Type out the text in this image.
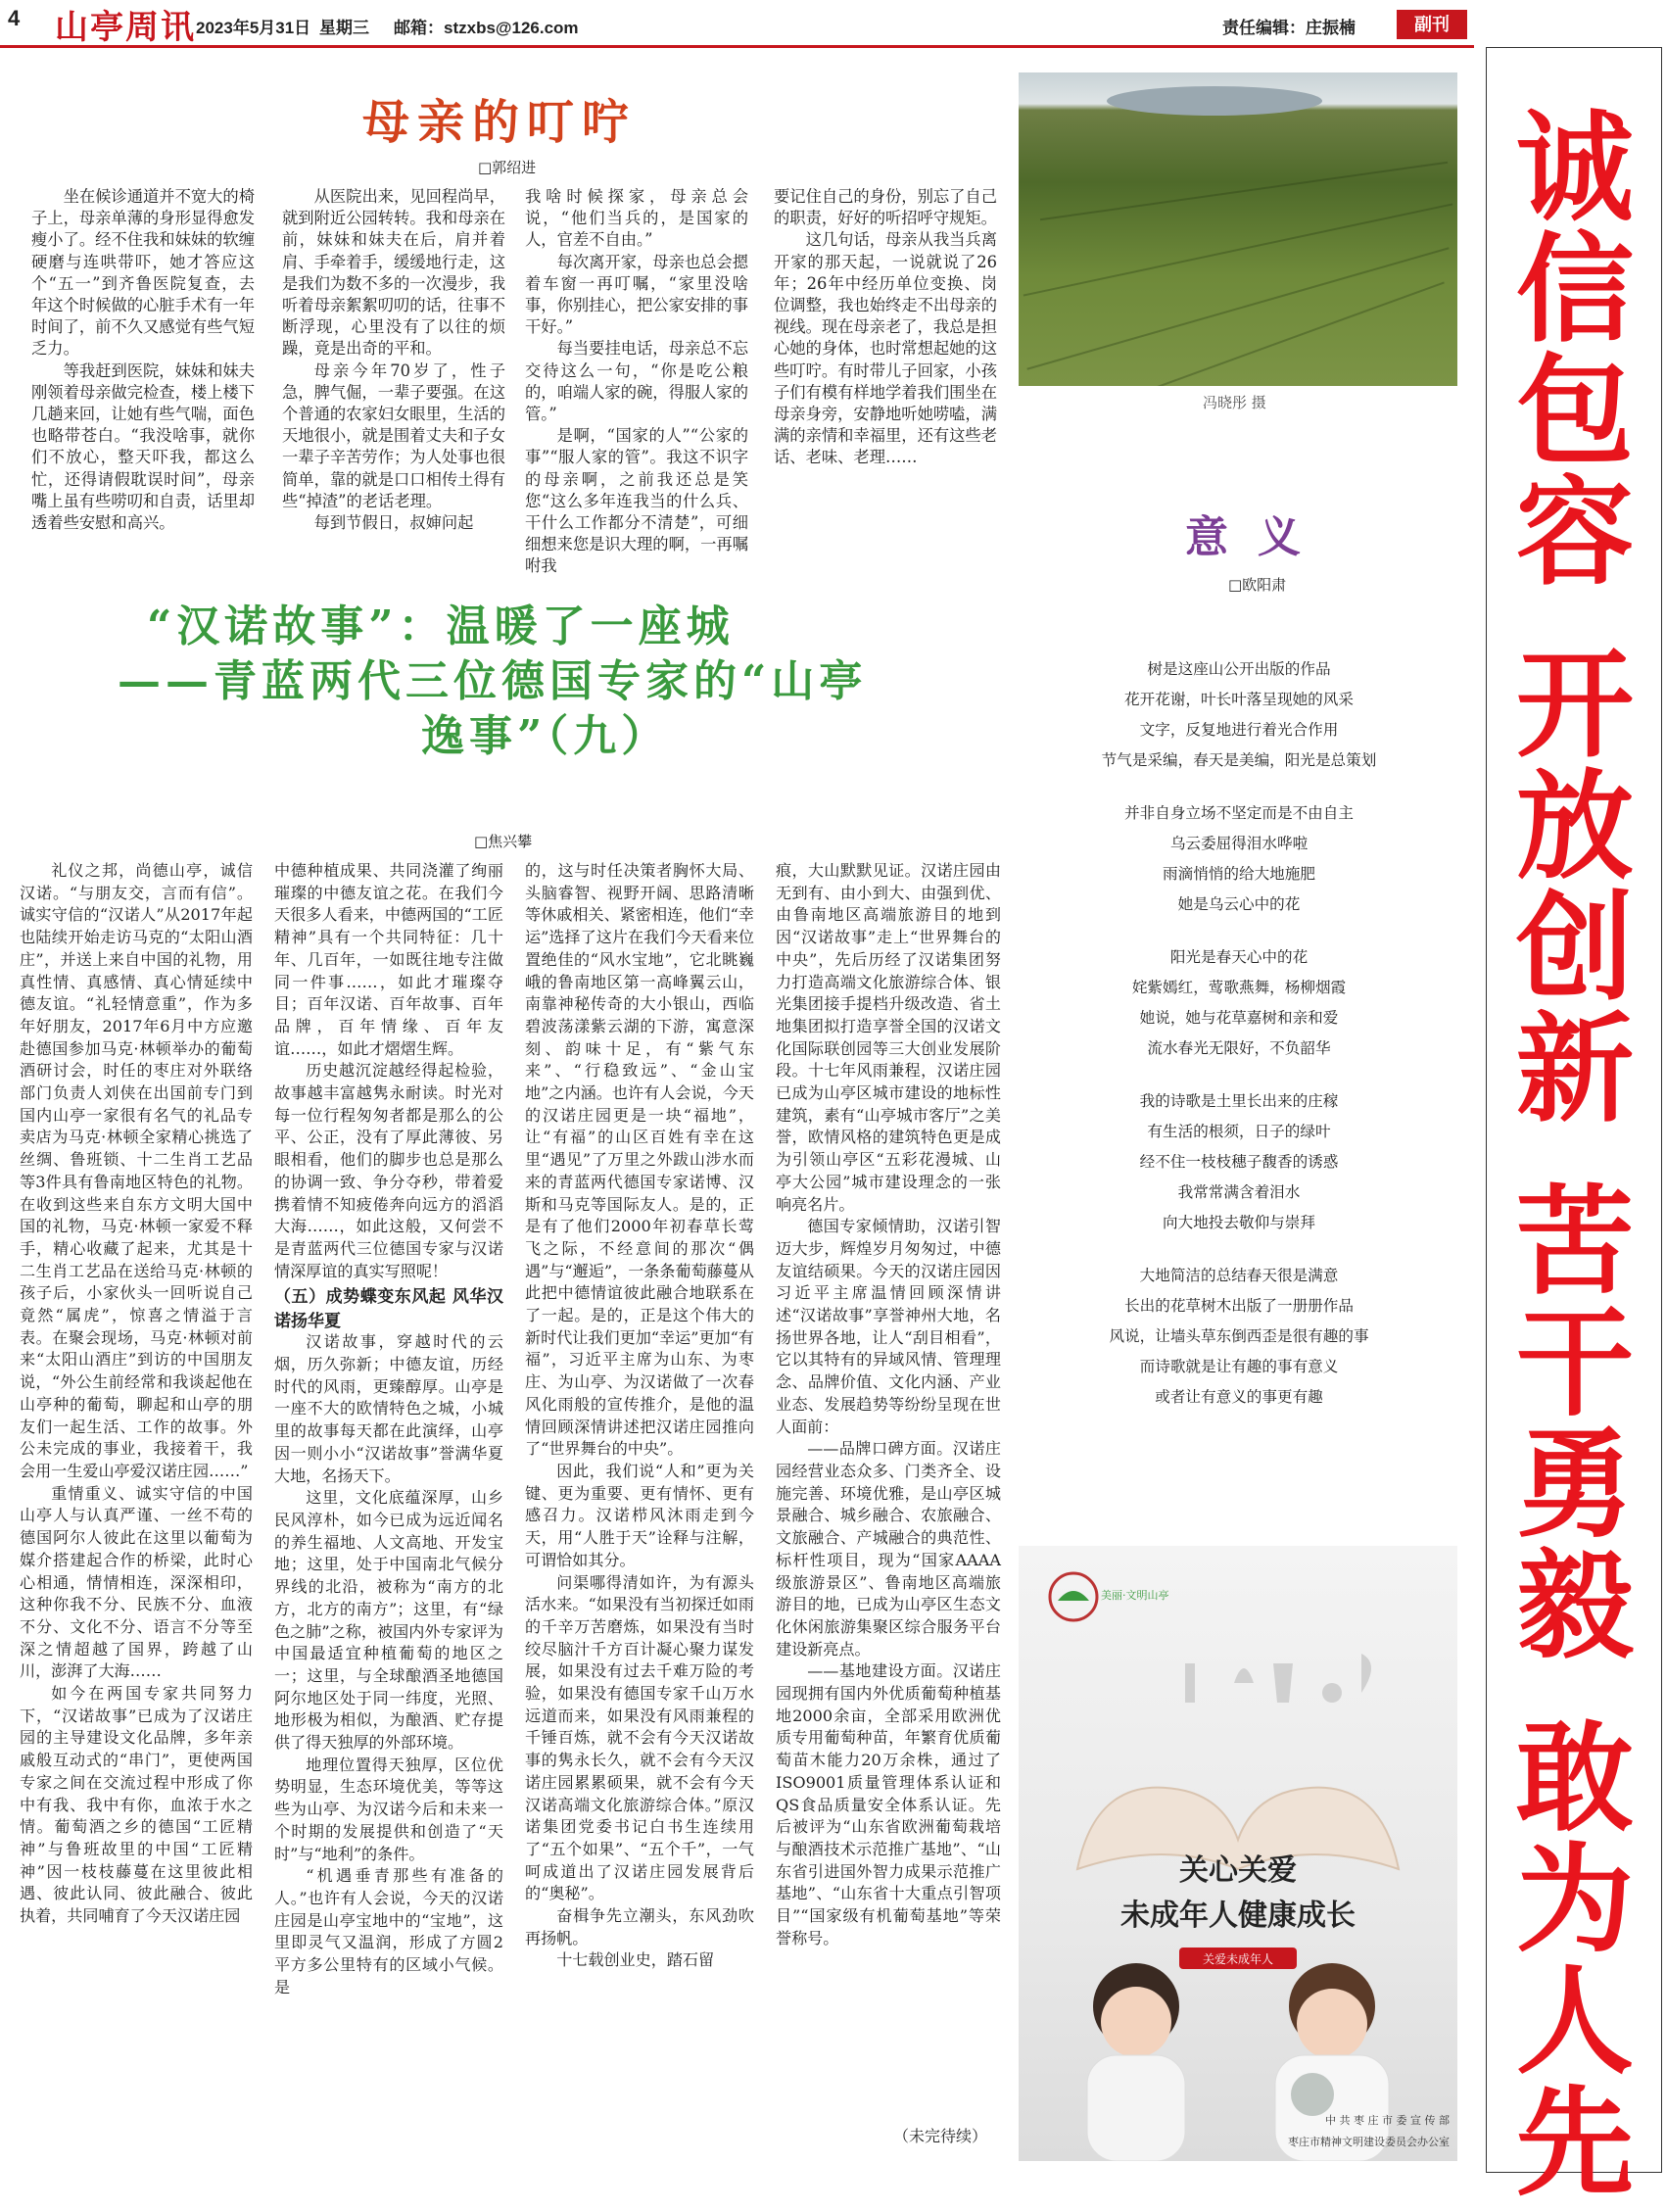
4 山亭周讯 2023年5月31日 星期三 邮箱：stzxbs@126.com	责任编辑：庄振楠	副刊
诚
信
包
容
开
放
创
新
苦
干
勇
毅
敢
为
人
先
母亲的叮咛
□郭绍进

坐在候诊通道并不宽大的椅子上，母亲单薄的身形显得愈发瘦小了。经不住我和妹妹的软缠硬磨与连哄带吓，她才答应这个“五一”到齐鲁医院复查，去年这个时候做的心脏手术有一年时间了，前不久又感觉有些气短乏力。

等我赶到医院，妹妹和妹夫刚领着母亲做完检查，楼上楼下几趟来回，让她有些气喘，面色也略带苍白。“我没啥事，就你们不放心，整天吓我，都这么忙，还得请假耽误时间”，母亲嘴上虽有些唠叨和自责，话里却透着些安慰和高兴。

从医院出来，见回程尚早，就到附近公园转转。我和母亲在前，妹妹和妹夫在后，肩并着肩、手牵着手，缓缓地行走，这是我们为数不多的一次漫步，我听着母亲絮絮叨叨的话，往事不断浮现，心里没有了以往的烦躁，竟是出奇的平和。

母亲今年70岁了，性子急，脾气倔，一辈子要强。在这个普通的农家妇女眼里，生活的天地很小，就是围着丈夫和子女一辈子辛苦劳作；为人处事也很简单，靠的就是口口相传土得有些“掉渣”的老话老理。

每到节假日，叔婶问起

我啥时候探家，母亲总会说，“他们当兵的，是国家的人，官差不自由。”

每次离开家，母亲也总会摁着车窗一再叮嘱，“家里没啥事，你别挂心，把公家安排的事干好。”

每当要挂电话，母亲总不忘交待这么一句，“你是吃公粮的，咱端人家的碗，得服人家的管。”

是啊，“国家的人”“公家的事”“服人家的管”。我这不识字的母亲啊，之前我还总是笑您“这么多年连我当的什么兵、干什么工作都分不清楚”，可细细想来您是识大理的啊，一再嘱咐我

要记住自己的身份，别忘了自己的职责，好好的听招呼守规矩。

这几句话，母亲从我当兵离开家的那天起，一说就说了26年；26年中经历单位变换、岗位调整，我也始终走不出母亲的视线。现在母亲老了，我总是担心她的身体，也时常想起她的这些叮咛。有时带儿子回家，小孩子们有模有样地学着我们围坐在母亲身旁，安静地听她唠嗑，满满的亲情和幸福里，还有这些老话、老味、老理……

冯晓彤 摄
意义
□欧阳肃

树是这座山公开出版的作品

花开花谢，叶长叶落呈现她的风采

文字，反复地进行着光合作用

节气是采编，春天是美编，阳光是总策划

并非自身立场不坚定而是不由自主

乌云委屈得泪水哗啦

雨滴悄悄的给大地施肥

她是乌云心中的花

阳光是春天心中的花

姹紫嫣红，莺歌燕舞，杨柳烟霞

她说，她与花草嘉树和亲和爱

流水春光无限好，不负韶华

我的诗歌是土里长出来的庄稼

有生活的根须，日子的绿叶

经不住一枝枝穗子馥香的诱惑

我常常满含着泪水

向大地投去敬仰与崇拜

大地简洁的总结春天很是满意

长出的花草树木出版了一册册作品

风说，让墙头草东倒西歪是很有趣的事

而诗歌就是让有趣的事有意义

或者让有意义的事更有趣

“汉诺故事”：温暖了一座城
——青蓝两代三位德国专家的“山亭
逸事”（九）
□焦兴攀

礼仪之邦，尚德山亭，诚信汉诺。“与朋友交，言而有信”。诚实守信的“汉诺人”从2017年起也陆续开始走访马克的“太阳山酒庄”，并送上来自中国的礼物，用真性情、真感情、真心情延续中德友谊。“礼轻情意重”，作为多年好朋友，2017年6月中方应邀赴德国参加马克·林顿举办的葡萄酒研讨会，时任的枣庄对外联络部门负责人刘侠在出国前专门到国内山亭一家很有名气的礼品专卖店为马克·林顿全家精心挑选了丝绸、鲁班锁、十二生肖工艺品等3件具有鲁南地区特色的礼物。在收到这些来自东方文明大国中国的礼物，马克·林顿一家爱不释手，精心收藏了起来，尤其是十二生肖工艺品在送给马克·林顿的孩子后，小家伙头一回听说自己竟然“属虎”，惊喜之情溢于言表。在聚会现场，马克·林顿对前来“太阳山酒庄”到访的中国朋友说，“外公生前经常和我谈起他在山亭种的葡萄，聊起和山亭的朋友们一起生活、工作的故事。外公未完成的事业，我接着干，我会用一生爱山亭爱汉诺庄园……”

重情重义、诚实守信的中国山亭人与认真严谨、一丝不苟的德国阿尔人彼此在这里以葡萄为媒介搭建起合作的桥梁，此时心心相通，情情相连，深深相印，这种你我不分、民族不分、血液不分、文化不分、语言不分等至深之情超越了国界，跨越了山川，澎湃了大海……

如今在两国专家共同努力下，“汉诺故事”已成为了汉诺庄园的主导建设文化品牌，多年亲戚般互动式的“串门”，更使两国专家之间在交流过程中形成了你中有我、我中有你，血浓于水之情。葡萄酒之乡的德国“工匠精神”与鲁班故里的中国“工匠精神”因一枝枝藤蔓在这里彼此相遇、彼此认同、彼此融合、彼此执着，共同哺育了今天汉诺庄园

中德种植成果、共同浇灌了绚丽璀璨的中德友谊之花。在我们今天很多人看来，中德两国的“工匠精神”具有一个共同特征：几十年、几百年，一如既往地专注做同一件事……，如此才璀璨夺目；百年汉诺、百年故事、百年品牌，百年情缘、百年友谊……，如此才熠熠生辉。

历史越沉淀越经得起检验，故事越丰富越隽永耐读。时光对每一位行程匆匆者都是那么的公平、公正，没有了厚此薄彼、另眼相看，他们的脚步也总是那么的协调一致、争分夺秒，带着爱携着情不知疲倦奔向远方的滔滔大海……，如此这般，又何尝不是青蓝两代三位德国专家与汉诺情深厚谊的真实写照呢！

（五）成势蝶变东风起 风华汉诺扬华夏

汉诺故事，穿越时代的云烟，历久弥新；中德友谊，历经时代的风雨，更臻醇厚。山亭是一座不大的欧情特色之城，小城里的故事每天都在此演绎，山亭因一则小小“汉诺故事”誉满华夏大地，名扬天下。

这里，文化底蕴深厚，山乡民风淳朴，如今已成为远近闻名的养生福地、人文高地、开发宝地；这里，处于中国南北气候分界线的北沿，被称为“南方的北方，北方的南方”；这里，有“绿色之肺”之称，被国内外专家评为中国最适宜种植葡萄的地区之一；这里，与全球酿酒圣地德国阿尔地区处于同一纬度，光照、地形极为相似，为酿酒、贮存提供了得天独厚的外部环境。

地理位置得天独厚，区位优势明显，生态环境优美，等等这些为山亭、为汉诺今后和未来一个时期的发展提供和创造了“天时”与“地利”的条件。

“机遇垂青那些有准备的人。”也许有人会说，今天的汉诺庄园是山亭宝地中的“宝地”，这里即灵气又温润，形成了方圆2平方多公里特有的区域小气候。是

的，这与时任决策者胸怀大局、头脑睿智、视野开阔、思路清晰等休戚相关、紧密相连，他们“幸运”选择了这片在我们今天看来位置绝佳的“风水宝地”，它北眺巍峨的鲁南地区第一高峰翼云山，南靠神秘传奇的大小银山，西临碧波荡漾紫云湖的下游，寓意深刻、韵味十足，有“紫气东来”、“行稳致远”、“金山宝地”之内涵。也许有人会说，今天的汉诺庄园更是一块“福地”，让“有福”的山区百姓有幸在这里“遇见”了万里之外跋山涉水而来的青蓝两代德国专家诺博、汉斯和马克等国际友人。是的，正是有了他们2000年初春草长莺飞之际，不经意间的那次“偶遇”与“邂逅”，一条条葡萄藤蔓从此把中德情谊彼此融合地联系在了一起。是的，正是这个伟大的新时代让我们更加“幸运”更加“有福”，习近平主席为山东、为枣庄、为山亭、为汉诺做了一次春风化雨般的宣传推介，是他的温情回顾深情讲述把汉诺庄园推向了“世界舞台的中央”。

因此，我们说“人和”更为关键、更为重要、更有情怀、更有感召力。汉诺栉风沐雨走到今天，用“人胜于天”诠释与注解，可谓恰如其分。

问渠哪得清如许，为有源头活水来。“如果没有当初探迁如雨的千辛万苦磨炼，如果没有当时绞尽脑汁千方百计凝心聚力谋发展，如果没有过去千难万险的考验，如果没有德国专家千山万水远道而来，如果没有风雨兼程的千锤百炼，就不会有今天汉诺故事的隽永长久，就不会有今天汉诺庄园累累硕果，就不会有今天汉诺高端文化旅游综合体。”原汉诺集团党委书记白书生连续用了“五个如果”、“五个千”，一气呵成道出了汉诺庄园发展背后的“奥秘”。

奋楫争先立潮头，东风劲吹再扬帆。

十七载创业史，踏石留

痕，大山默默见证。汉诺庄园由无到有、由小到大、由强到优、由鲁南地区高端旅游目的地到因“汉诺故事”走上“世界舞台的中央”，先后历经了汉诺集团努力打造高端文化旅游综合体、银光集团接手提档升级改造、省土地集团拟打造享誉全国的汉诺文化国际联创园等三大创业发展阶段。十七年风雨兼程，汉诺庄园已成为山亭区城市建设的地标性建筑，素有“山亭城市客厅”之美誉，欧情风格的建筑特色更是成为引领山亭区“五彩花漫城、山亭大公园”城市建设理念的一张响亮名片。

德国专家倾情助，汉诺引智迈大步，辉煌岁月匆匆过，中德友谊结硕果。今天的汉诺庄园因习近平主席温情回顾深情讲述“汉诺故事”享誉神州大地，名扬世界各地，让人“刮目相看”，它以其特有的异域风情、管理理念、品牌价值、文化内涵、产业业态、发展趋势等纷纷呈现在世人面前：

——品牌口碑方面。汉诺庄园经营业态众多、门类齐全、设施完善、环境优雅，是山亭区城景融合、城乡融合、农旅融合、文旅融合、产城融合的典范性、标杆性项目，现为“国家AAAA级旅游景区”、鲁南地区高端旅游目的地，已成为山亭区生态文化休闲旅游集聚区综合服务平台建设新亮点。

——基地建设方面。汉诺庄园现拥有国内外优质葡萄种植基地2000余亩，全部采用欧洲优质专用葡萄种苗，年繁育优质葡萄苗木能力20万余株，通过了ISO9001质量管理体系认证和QS食品质量安全体系认证。先后被评为“山东省欧洲葡萄栽培与酿酒技术示范推广基地”、“山东省引进国外智力成果示范推广基地”、“山东省十大重点引智项目”“国家级有机葡萄基地”等荣誉称号。

（未完待续）
美丽·文明山亭
关心关爱
未成年人健康成长
关爱未成年人
中 共 枣 庄 市 委 宣 传 部
枣庄市精神文明建设委员会办公室
